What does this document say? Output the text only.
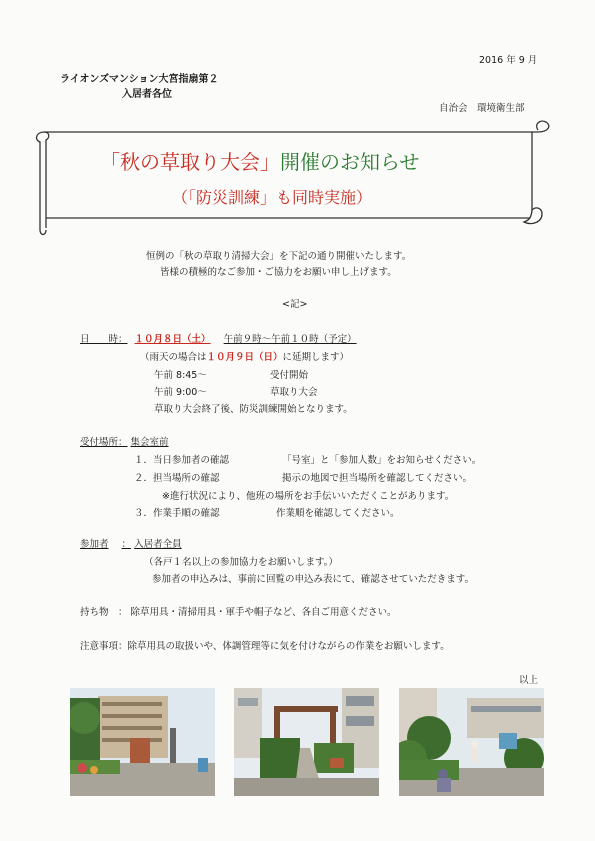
2016 年 9 月
ライオンズマンション大宮指扇第２
入居者各位
自治会　環境衛生部
「秋の草取り大会」開催のお知らせ
（「防災訓練」も同時実施）
恒例の「秋の草取り清掃大会」を下記の通り開催いたします。
皆様の積極的なご参加・ご協力をお願い申し上げます。
<記>
日　　時： １０月８日（土） 午前９時〜午前１０時（予定）
（雨天の場合は１０月９日（日）に延期します）
午前 8:45〜	受付開始
午前 9:00〜	草取り大会
草取り大会終了後、防災訓練開始となります。
受付場所： 集会室前
１．当日参加者の確認	「号室」と「参加人数」をお知らせください。
２．担当場所の確認	掲示の地図で担当場所を確認してください。
※進行状況により、他班の場所をお手伝いいただくことがあります。
３．作業手順の確認	作業順を確認してください。
参加者 ： 入居者全員
（各戸１名以上の参加協力をお願いします。）
参加者の申込みは、事前に回覧の申込み表にて、確認させていただきます。
持ち物　： 除草用具・清掃用具・軍手や帽子など、各自ご用意ください。
注意事項：除草用具の取扱いや、体調管理等に気を付けながらの作業をお願いします。
以上
